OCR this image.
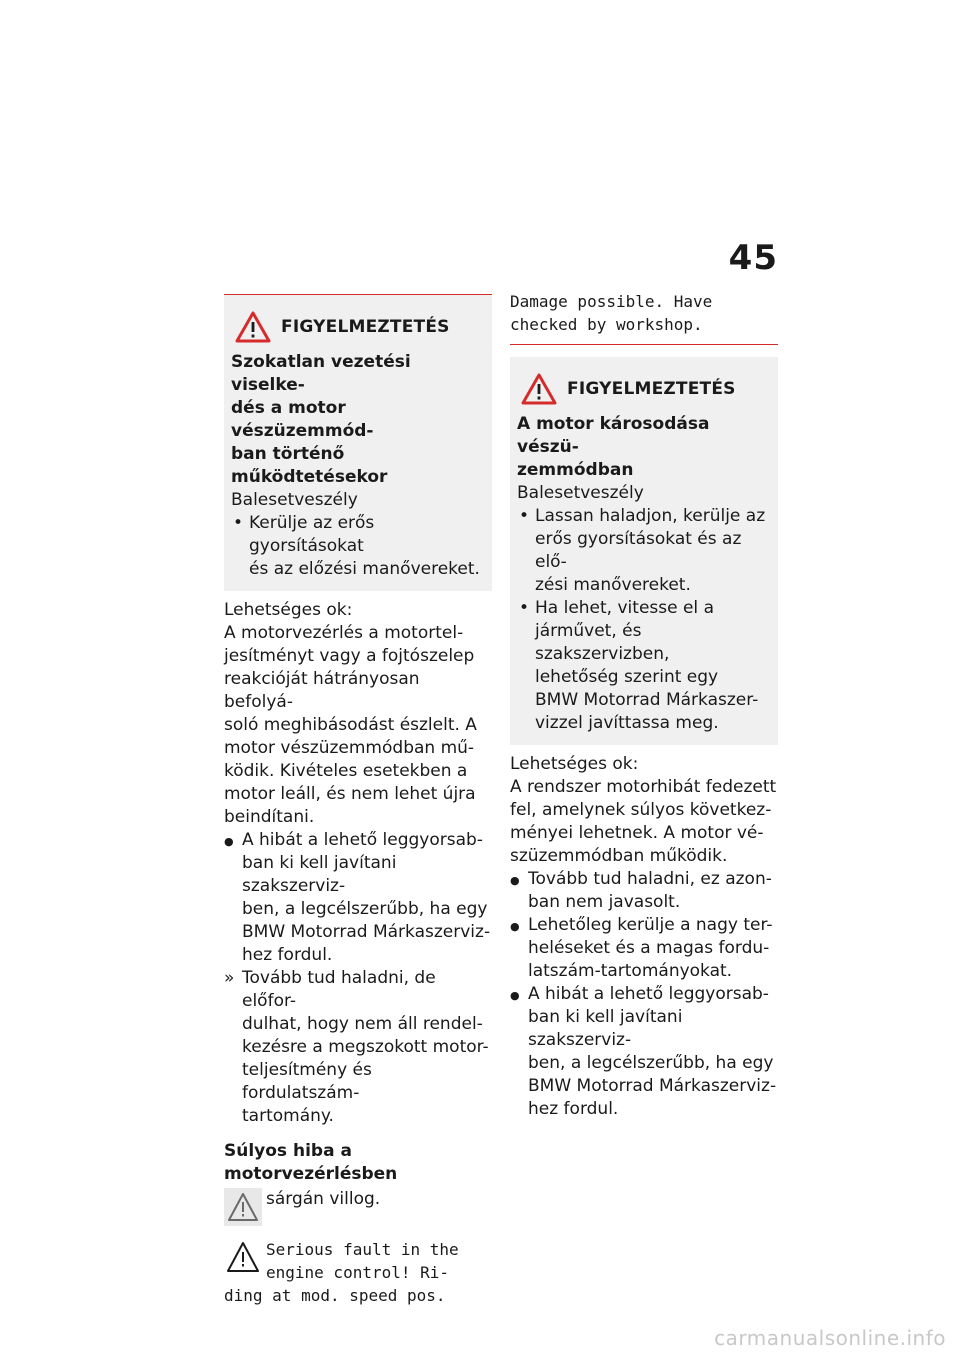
45
FIGYELMEZTETÉS
Szokatlan vezetési viselke-
dés a motor vészüzemmód-
ban történő működtetésekor
Balesetveszély
• Kerülje az erős gyorsításokat
és az előzési manővereket.
Lehetséges ok:
A motorvezérlés a motortel-
jesítményt vagy a fojtószelep
reakcióját hátrányosan befolyá-
soló meghibásodást észlelt. A
motor vészüzemmódban mű-
ködik. Kivételes esetekben a
motor leáll, és nem lehet újra
beindítani.
● A hibát a lehető leggyorsab-
ban ki kell javítani szakszerviz-
ben, a legcélszerűbb, ha egy
BMW Motorrad Márkaszerviz-
hez fordul.
» Tovább tud haladni, de előfor-
dulhat, hogy nem áll rendel-
kezésre a megszokott motor-
teljesítmény és fordulatszám-
tartomány.
Súlyos hiba a
motorvezérlésben
sárgán villog.
Serious fault in the
engine control! Ri-
ding at mod. speed pos.
Damage possible. Have
checked by workshop.
FIGYELMEZTETÉS
A motor károsodása vészü-
zemmódban
Balesetveszély
• Lassan haladjon, kerülje az
erős gyorsításokat és az elő-
zési manővereket.
• Ha lehet, vitesse el a
járművet, és szakszervizben,
lehetőség szerint egy
BMW Motorrad Márkaszer-
vizzel javíttassa meg.
Lehetséges ok:
A rendszer motorhibát fedezett
fel, amelynek súlyos következ-
ményei lehetnek. A motor vé-
szüzemmódban működik.
● Tovább tud haladni, ez azon-
ban nem javasolt.
● Lehetőleg kerülje a nagy ter-
heléseket és a magas fordu-
latszám-tartományokat.
● A hibát a lehető leggyorsab-
ban ki kell javítani szakszerviz-
ben, a legcélszerűbb, ha egy
BMW Motorrad Márkaszerviz-
hez fordul.
carmanualsonline.info
